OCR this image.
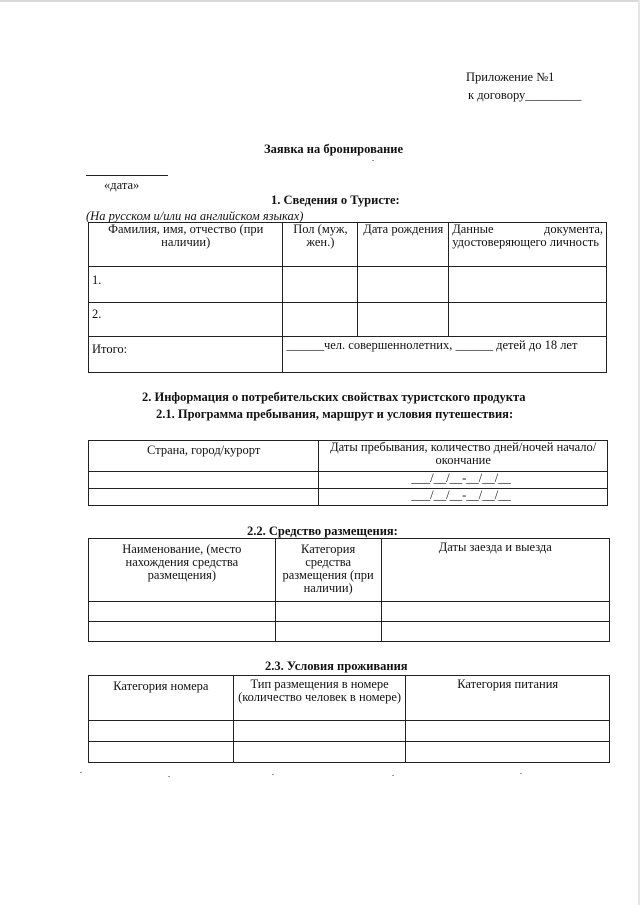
Приложение №1
к договору_________
Заявка на бронирование
«дата»
1. Сведения о Туристе:
(На русском и/или на английском языках)
Фамилия, имя, отчество (при наличии)	Пол (муж, жен.)	Дата рождения	Данные документа, удостоверяющего личность
1.			
2.			
Итого:	______чел. совершеннолетних, ______ детей до 18 лет		
2. Информация о потребительских свойствах туристского продукта
2.1. Программа пребывания, маршрут и условия путешествия:
Страна, город/курорт	Даты пребывания, количество дней/ночей начало/окончание
	___/__/__-__/__/__
	___/__/__-__/__/__
2.2. Средство размещения:
Наименование, (место нахождения средства размещения)	Категория средства размещения (при наличии)	Даты заезда и выезда

2.3. Условия проживания
Категория номера	Тип размещения в номере (количество человек в номере)	Категория питания
